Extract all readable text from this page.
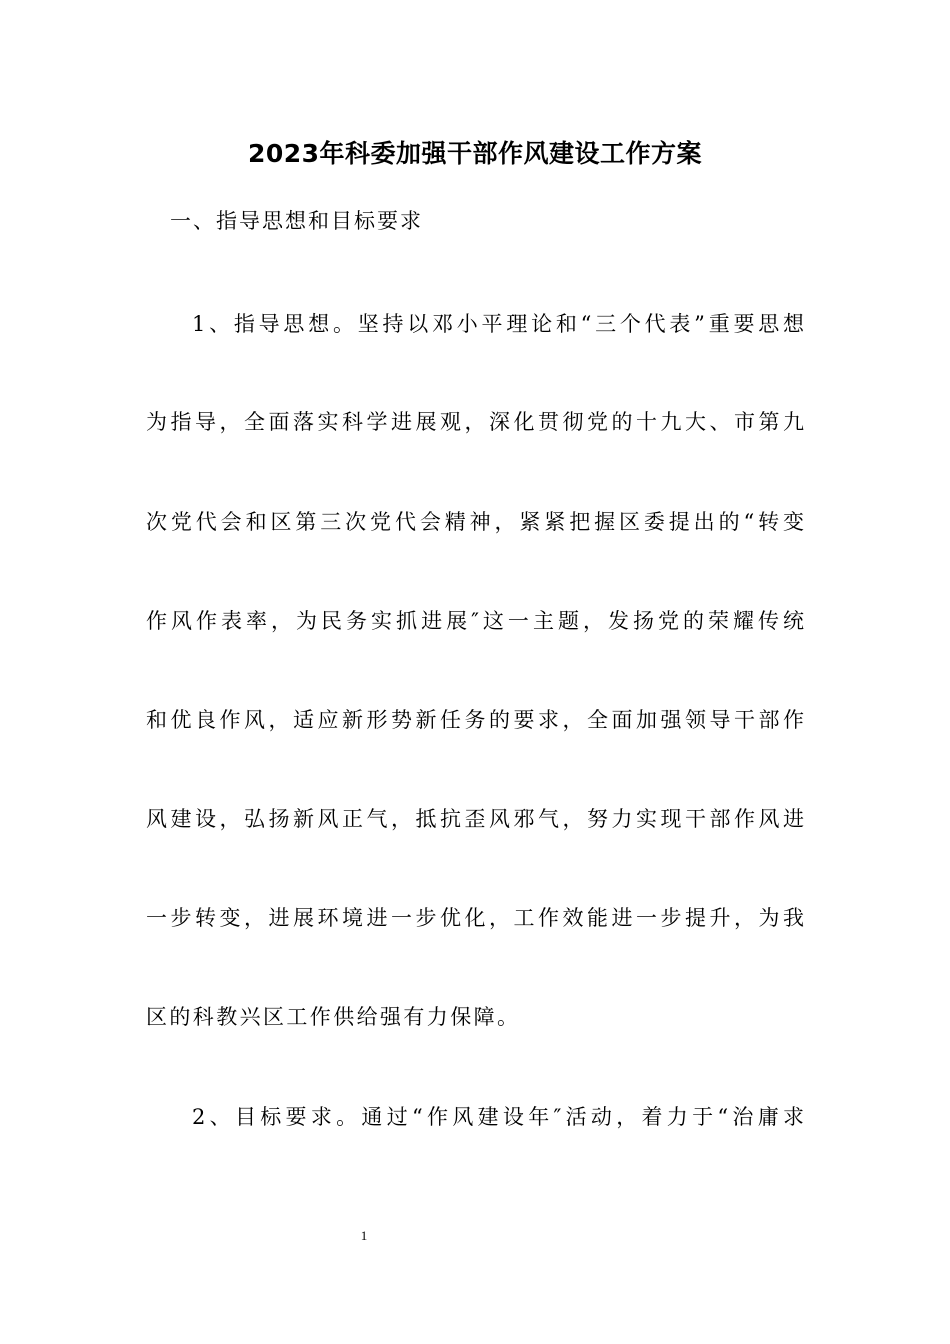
2023年科委加强干部作风建设工作方案
一、指导思想和目标要求
1、指导思想。坚持以邓小平理论和“三个代表”重要思想
为指导，全面落实科学进展观，深化贯彻党的十九大、市第九
次党代会和区第三次党代会精神，紧紧把握区委提出的“转变
作风作表率，为民务实抓进展″这一主题，发扬党的荣耀传统
和优良作风，适应新形势新任务的要求，全面加强领导干部作
风建设，弘扬新风正气，抵抗歪风邪气，努力实现干部作风进
一步转变，进展环境进一步优化，工作效能进一步提升，为我
区的科教兴区工作供给强有力保障。
2、目标要求。通过“作风建设年″活动，着力于“治庸求
1
